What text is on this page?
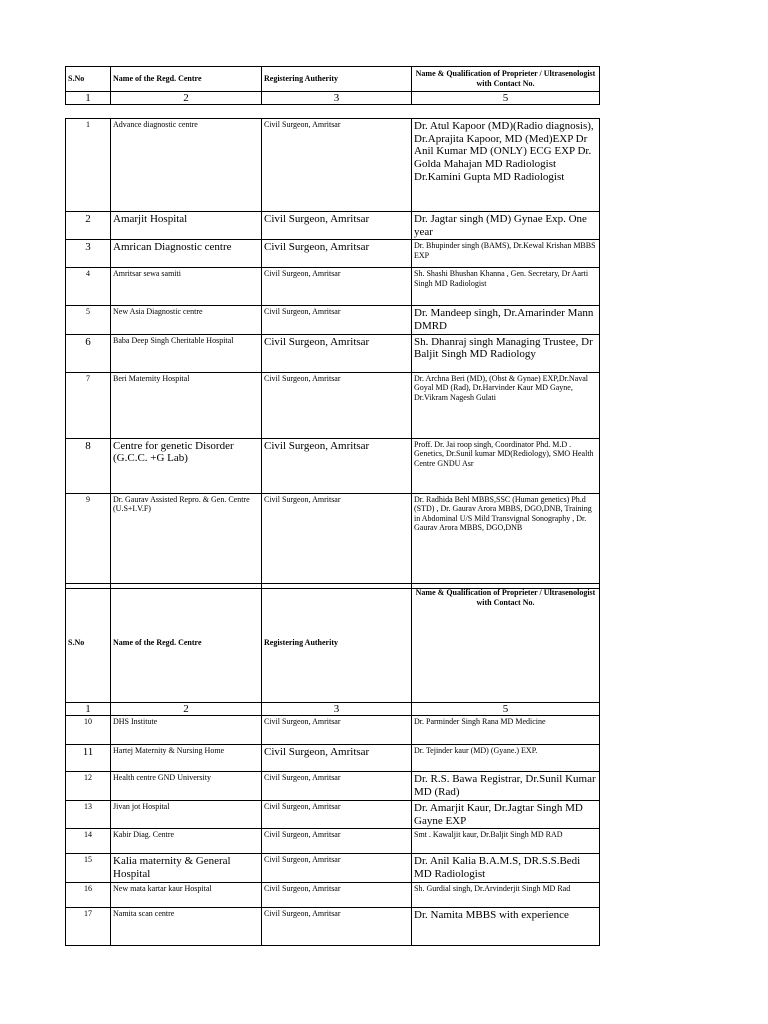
S.No	Name of the Regd. Centre	Registering Autherity	Name & Qualification of Proprieter / Ultrasenologist with Contact No.
1	2	3	5
1	Advance diagnostic centre	Civil Surgeon, Amritsar	Dr. Atul Kapoor (MD)(Radio diagnosis), Dr.Aprajita Kapoor, MD (Med)EXP Dr Anil Kumar MD (ONLY) ECG EXP Dr. Golda Mahajan MD Radiologist Dr.Kamini Gupta MD Radiologist
2	Amarjit Hospital	Civil Surgeon, Amritsar	Dr. Jagtar singh (MD) Gynae Exp. One year
3	Amrican Diagnostic centre	Civil Surgeon, Amritsar	Dr. Bhupinder singh (BAMS), Dr.Kewal Krishan MBBS EXP
4	Amritsar sewa samiti	Civil Surgeon, Amritsar	Sh. Shashi Bhushan Khanna , Gen. Secretary, Dr Aarti Singh MD Radiologist
5	New Asia Diagnostic centre	Civil Surgeon, Amritsar	Dr. Mandeep singh, Dr.Amarinder Mann DMRD
6	Baba Deep Singh Cheritable Hospital	Civil Surgeon, Amritsar	Sh. Dhanraj singh Managing Trustee, Dr Baljit Singh MD Radiology
7	Beri Maternity Hospital	Civil Surgeon, Amritsar	Dr. Archna Beri (MD), (Obst & Gynae) EXP,Dr.Naval Goyal MD (Rad), Dr.Harvinder Kaur MD Gayne, Dr.Vikram Nagesh Gulati
8	Centre for genetic Disorder (G.C.C. +G Lab)	Civil Surgeon, Amritsar	Proff. Dr. Jai roop singh, Coordinator Phd. M.D . Genetics, Dr.Sunil kumar MD(Rediology), SMO Health Centre GNDU Asr
9	Dr. Gaurav Assisted Repro. & Gen. Centre (U.S+I.V.F)	Civil Surgeon, Amritsar	Dr. Radhida Behl MBBS,SSC (Human genetics) Ph.d (STD) , Dr. Gaurav Arora MBBS, DGO,DNB, Training in Abdominal U/S Mild Transvignal Sonography , Dr. Gaurav Arora MBBS, DGO,DNB
S.No	Name of the Regd. Centre	Registering Autherity	Name & Qualification of Proprieter / Ultrasenologist with Contact No.
1	2	3	5
10	DHS Institute	Civil Surgeon, Amritsar	Dr. Parminder Singh Rana MD Medicine
11	Hartej Maternity & Nursing Home	Civil Surgeon, Amritsar	Dr. Tejinder kaur (MD) (Gyane.) EXP.
12	Health centre GND University	Civil Surgeon, Amritsar	Dr. R.S. Bawa Registrar, Dr.Sunil Kumar MD (Rad)
13	Jivan jot Hospital	Civil Surgeon, Amritsar	Dr. Amarjit Kaur, Dr.Jagtar Singh MD Gayne EXP
14	Kabir Diag. Centre	Civil Surgeon, Amritsar	Smt . Kawaljit kaur, Dr.Baljit Singh MD RAD
15	Kalia maternity & General Hospital	Civil Surgeon, Amritsar	Dr. Anil Kalia B.A.M.S, DR.S.S.Bedi MD Radiologist
16	New mata kartar kaur Hospital	Civil Surgeon, Amritsar	Sh. Gurdial singh, Dr.Arvinderjit Singh MD Rad
17	Namita scan centre	Civil Surgeon, Amritsar	Dr. Namita MBBS with experience
